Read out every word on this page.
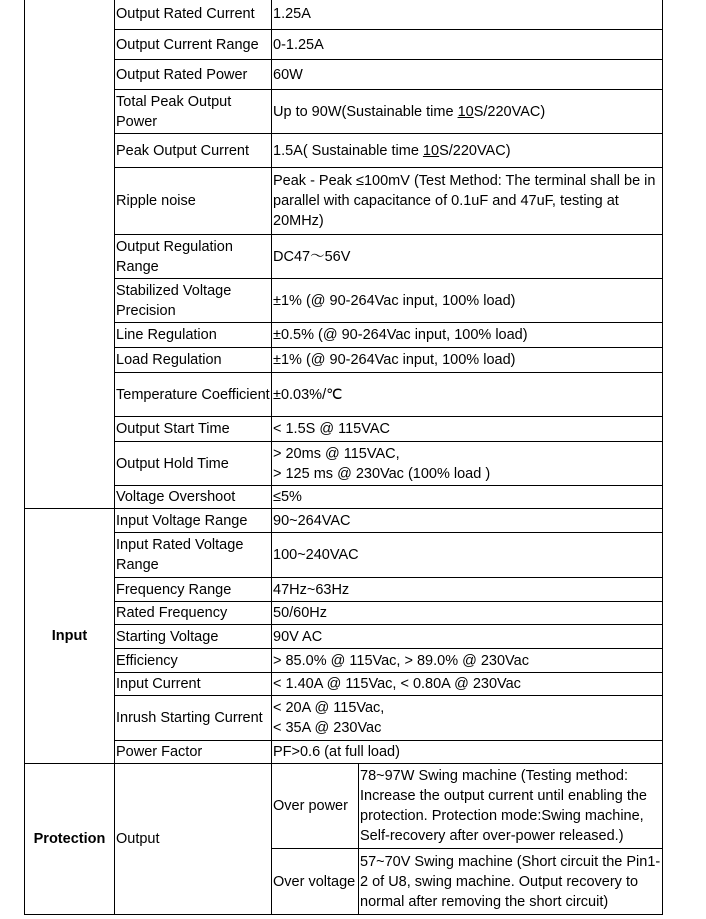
	Output Rated Current	1.25A	
	Output Current Range	0-1.25A	
	Output Rated Power	60W	
	Total Peak Output Power	Up to 90W(Sustainable time 10S/220VAC)	
	Peak Output Current	1.5A( Sustainable time 10S/220VAC)	
	Ripple noise	Peak - Peak ≤100mV (Test Method: The terminal shall be in parallel with capacitance of 0.1uF and 47uF, testing at 20MHz)	
	Output Regulation Range	DC47～56V	
	Stabilized Voltage Precision	±1% (@ 90-264Vac input, 100% load)	
	Line Regulation	±0.5% (@ 90-264Vac input, 100% load)	
	Load Regulation	±1% (@ 90-264Vac input, 100% load)	
	Temperature Coefficient	±0.03%/℃	
	Output Start Time	< 1.5S @ 115VAC	
	Output Hold Time	> 20ms @ 115VAC,
> 125 ms @ 230Vac (100% load )	

	Voltage Overshoot	≤5%	
Input	Input Voltage Range	90~264VAC	
	Input Rated Voltage Range	100~240VAC	
	Frequency Range	47Hz~63Hz	
	Rated Frequency	50/60Hz	
	Starting Voltage	90V AC	
	Efficiency	> 85.0% @ 115Vac, > 89.0% @ 230Vac	
	Input Current	< 1.40A @ 115Vac, < 0.80A @ 230Vac	
	Inrush Starting Current	< 20A @ 115Vac,
< 35A @ 230Vac	

	Power Factor	PF>0.6 (at full load)	
Protection	Output	Over power	78~97W Swing machine (Testing method: Increase the output current until enabling the protection. Protection mode:Swing machine, Self-recovery after over-power released.)
		Over voltage	57~70V Swing machine (Short circuit the Pin1-2 of U8, swing machine. Output recovery to normal after removing the short circuit)
